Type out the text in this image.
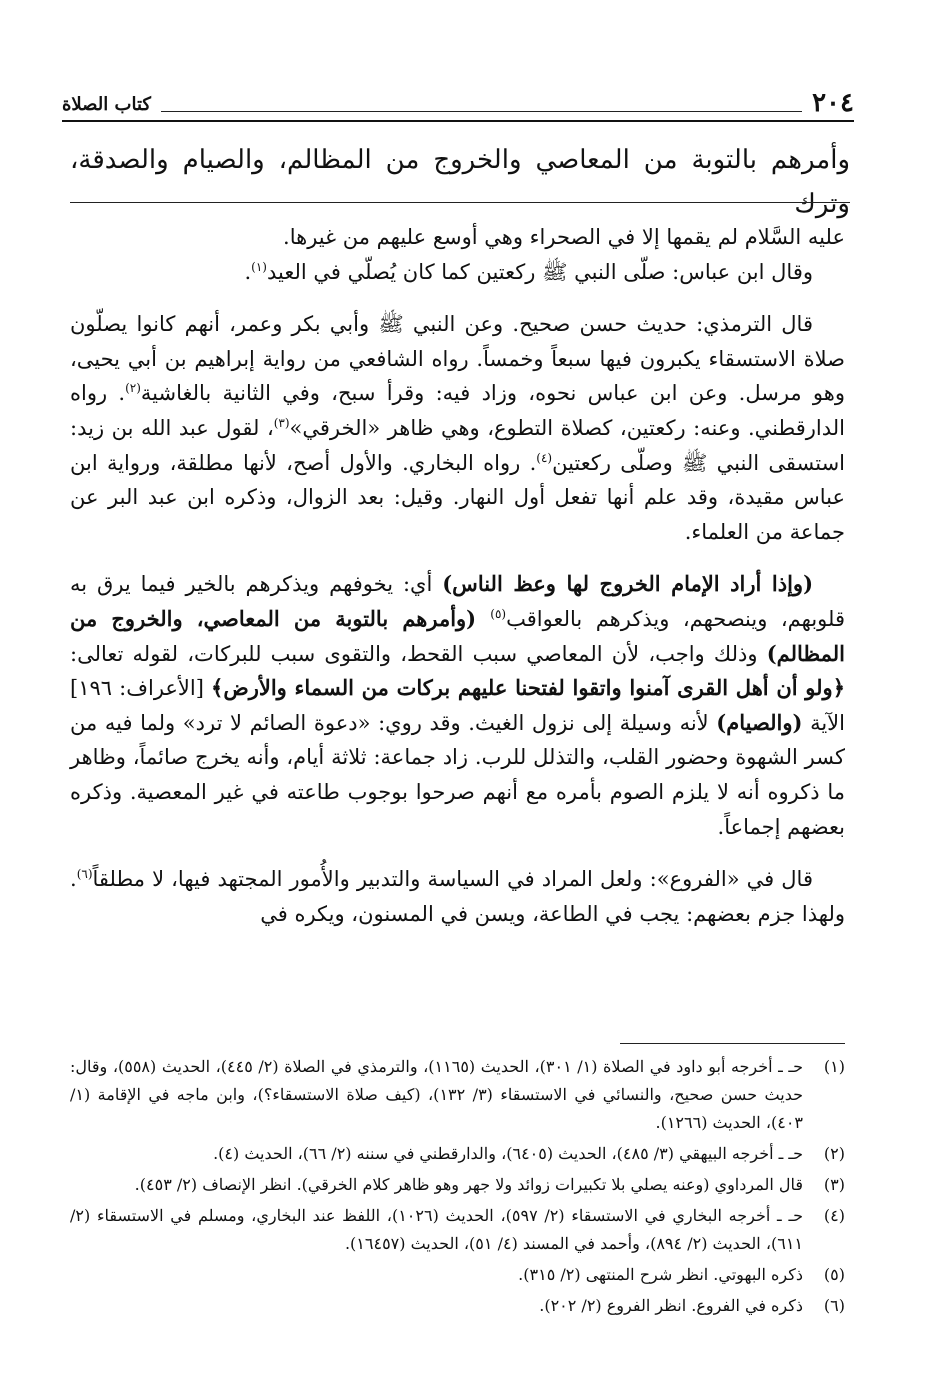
٢٠٤
كتاب الصلاة
وأمرهم بالتوبة من المعاصي والخروج من المظالم، والصيام والصدقة، وترك

عليه السَّلام لم يقمها إلا في الصحراء وهي أوسع عليهم من غيرها.

وقال ابن عباس: صلّى النبي ﷺ ركعتين كما كان يُصلّي في العيد$^{(١)}$.

قال الترمذي: حديث حسن صحيح. وعن النبي ﷺ وأبي بكر وعمر، أنهم كانوا يصلّون صلاة الاستسقاء يكبرون فيها سبعاً وخمساً. رواه الشافعي من رواية إبراهيم بن أبي يحيى، وهو مرسل. وعن ابن عباس نحوه، وزاد فيه: وقرأ سبح، وفي الثانية بالغاشية$^{(٢)}$. رواه الدارقطني. وعنه: ركعتين، كصلاة التطوع، وهي ظاهر «الخرقي»$^{(٣)}$، لقول عبد الله بن زيد: استسقى النبي ﷺ وصلّى ركعتين$^{(٤)}$. رواه البخاري. والأول أصح، لأنها مطلقة، ورواية ابن عباس مقيدة، وقد علم أنها تفعل أول النهار. وقيل: بعد الزوال، وذكره ابن عبد البر عن جماعة من العلماء.

(وإذا أراد الإمام الخروج لها وعظ الناس) أي: يخوفهم ويذكرهم بالخير فيما يرق به قلوبهم، وينصحهم، ويذكرهم بالعواقب$^{(٥)}$ (وأمرهم بالتوبة من المعاصي، والخروج من المظالم) وذلك واجب، لأن المعاصي سبب القحط، والتقوى سبب للبركات، لقوله تعالى: ﴿ولو أن أهل القرى آمنوا واتقوا لفتحنا عليهم بركات من السماء والأرض﴾ [الأعراف: ١٩٦] الآية (والصيام) لأنه وسيلة إلى نزول الغيث. وقد روي: «دعوة الصائم لا ترد» ولما فيه من كسر الشهوة وحضور القلب، والتذلل للرب. زاد جماعة: ثلاثة أيام، وأنه يخرج صائماً، وظاهر ما ذكروه أنه لا يلزم الصوم بأمره مع أنهم صرحوا بوجوب طاعته في غير المعصية. وذكره بعضهم إجماعاً.

قال في «الفروع»: ولعل المراد في السياسة والتدبير والأُمور المجتهد فيها، لا مطلقاً$^{(٦)}$. ولهذا جزم بعضهم: يجب في الطاعة، ويسن في المسنون، ويكره في

(١)
حـ ـ أخرجه أبو داود في الصلاة (١/ ٣٠١)، الحديث (١١٦٥)، والترمذي في الصلاة (٢/ ٤٤٥)، الحديث (٥٥٨)، وقال: حديث حسن صحيح، والنسائي في الاستسقاء (٣/ ١٣٢)، (كيف صلاة الاستسقاء؟)، وابن ماجه في الإقامة (١/ ٤٠٣)، الحديث (١٢٦٦).
(٢)
حـ ـ أخرجه البيهقي (٣/ ٤٨٥)، الحديث (٦٤٠٥)، والدارقطني في سننه (٢/ ٦٦)، الحديث (٤).
(٣)
قال المرداوي (وعنه يصلي بلا تكبيرات زوائد ولا جهر وهو ظاهر كلام الخرقي). انظر الإنصاف (٢/ ٤٥٣).
(٤)
حـ ـ أخرجه البخاري في الاستسقاء (٢/ ٥٩٧)، الحديث (١٠٢٦)، اللفظ عند البخاري، ومسلم في الاستسقاء (٢/ ٦١١)، الحديث (٢/ ٨٩٤)، وأحمد في المسند (٤/ ٥١)، الحديث (١٦٤٥٧).
(٥)
ذكره البهوتي. انظر شرح المنتهى (٢/ ٣١٥).
(٦)
ذكره في الفروع. انظر الفروع (٢/ ٢٠٢).
